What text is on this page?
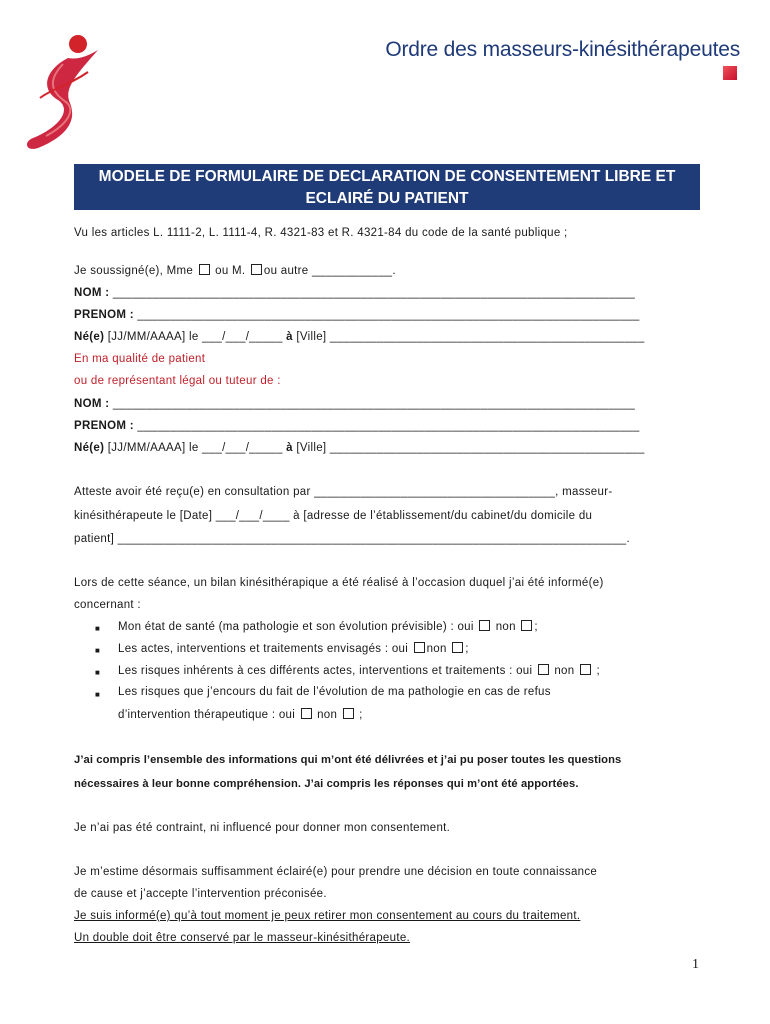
Ordre des masseurs-kinésithérapeutes
MODELE DE FORMULAIRE DE DECLARATION DE CONSENTEMENT LIBRE ET
ECLAIRÉ DU PATIENT
Vu les articles L. 1111-2, L. 1111-4, R. 4321-83 et R. 4321-84 du code de la santé publique ;
Je soussigné(e), Mme ou M. ou autre ____________.
NOM : ______________________________________________________________________________
PRENOM : ___________________________________________________________________________
Né(e) [JJ/MM/AAAA] le ___/___/_____ à [Ville] _______________________________________________
En ma qualité de patient
ou de représentant légal ou tuteur de :
NOM : ______________________________________________________________________________
PRENOM : ___________________________________________________________________________
Né(e) [JJ/MM/AAAA] le ___/___/_____ à [Ville] _______________________________________________
Atteste avoir été reçu(e) en consultation par ____________________________________, masseur-
kinésithérapeute le [Date] ___/___/____ à [adresse de l’établissement/du cabinet/du domicile du
patient] ____________________________________________________________________________.
Lors de cette séance, un bilan kinésithérapique a été réalisé à l’occasion duquel j’ai été informé(e)
concernant :
■ Mon état de santé (ma pathologie et son évolution prévisible) : oui non ;
■ Les actes, interventions et traitements envisagés : oui non ;
■ Les risques inhérents à ces différents actes, interventions et traitements : oui non  ;
■ Les risques que j’encours du fait de l’évolution de ma pathologie en cas de refus
d’intervention thérapeutique : oui non  ;
J’ai compris l’ensemble des informations qui m’ont été délivrées et j’ai pu poser toutes les questions
nécessaires à leur bonne compréhension. J’ai compris les réponses qui m’ont été apportées.
Je n’ai pas été contraint, ni influencé pour donner mon consentement.
Je m’estime désormais suffisamment éclairé(e) pour prendre une décision en toute connaissance
de cause et j’accepte l’intervention préconisée.
Je suis informé(e) qu’à tout moment je peux retirer mon consentement au cours du traitement.
Un double doit être conservé par le masseur-kinésithérapeute.
1
